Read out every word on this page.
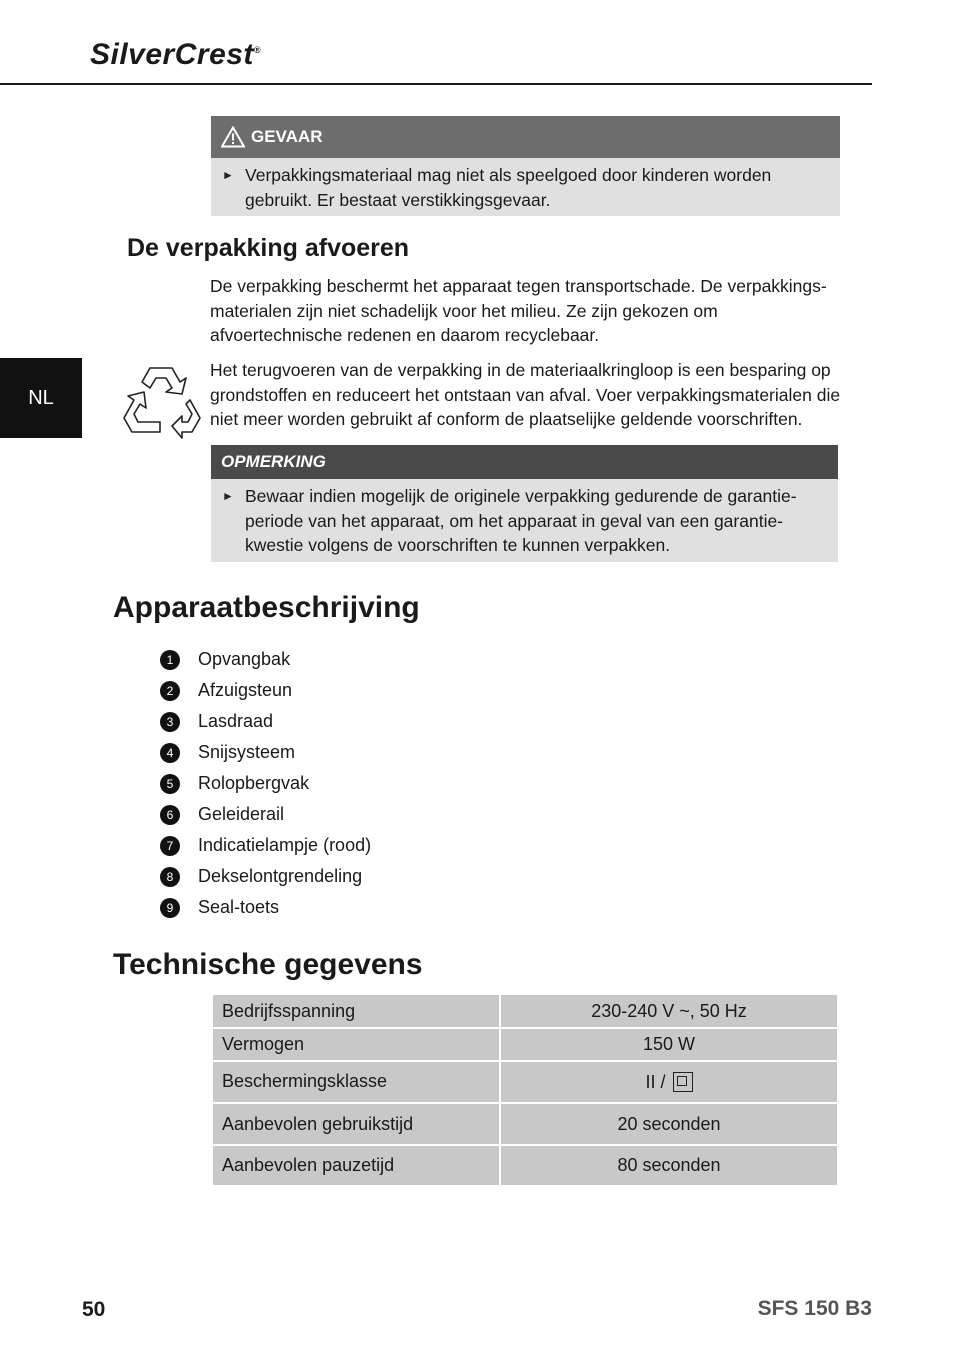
SilverCrest®
NL
GEVAAR
► Verpakkingsmateriaal mag niet als speelgoed door kinderen worden gebruikt. Er bestaat verstikkingsgevaar.
De verpakking afvoeren
De verpakking beschermt het apparaat tegen transportschade. De verpakkings-materialen zijn niet schadelijk voor het milieu. Ze zijn gekozen om afvoertechnische redenen en daarom recyclebaar.
Het terugvoeren van de verpakking in de materiaalkringloop is een besparing op grondstoffen en reduceert het ontstaan van afval. Voer verpakkingsmaterialen die niet meer worden gebruikt af conform de plaatselijke geldende voorschriften.
OPMERKING
► Bewaar indien mogelijk de originele verpakking gedurende de garantie-periode van het apparaat, om het apparaat in geval van een garantie-kwestie volgens de voorschriften te kunnen verpakken.
Apparaatbeschrijving
1	Opvangbak
2	Afzuigsteun
3	Lasdraad
4	Snijsysteem
5	Rolopbergvak
6	Geleiderail
7	Indicatielampje (rood)
8	Dekselontgrendeling
9	Seal-toets
Technische gegevens
Bedrijfsspanning	230-240 V ~, 50 Hz
Vermogen	150 W
Beschermingsklasse	II /
Aanbevolen gebruikstijd	20 seconden
Aanbevolen pauzetijd	80 seconden
50	SFS 150 B3
